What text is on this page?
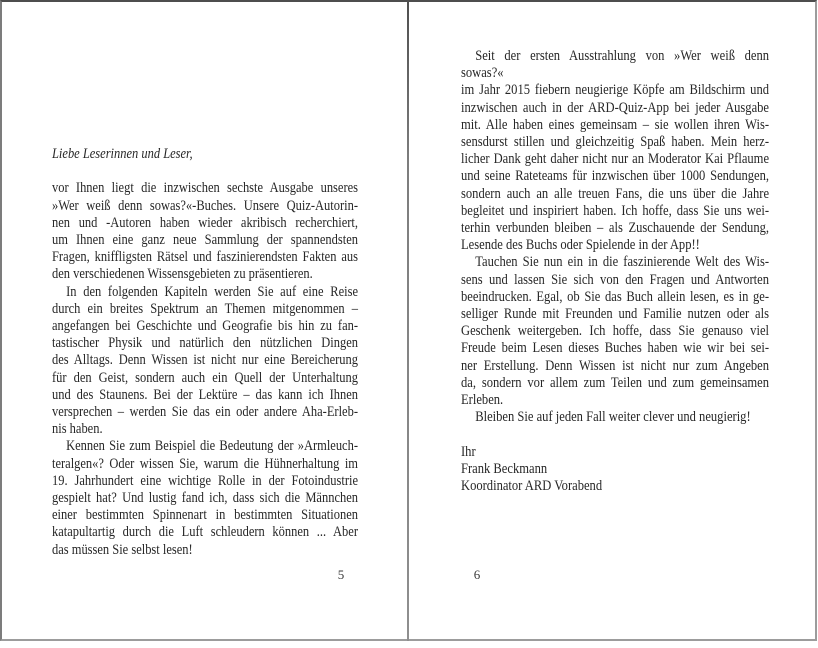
Liebe Leserinnen und Leser,
vor Ihnen liegt die inzwischen sechste Ausgabe unseres
»Wer weiß denn sowas?«-Buches. Unsere Quiz-Autorin-
nen und -Autoren haben wieder akribisch recherchiert,
um Ihnen eine ganz neue Sammlung der spannendsten
Fragen, kniffligsten Rätsel und faszinierendsten Fakten aus
den verschiedenen Wissensgebieten zu präsentieren.
In den folgenden Kapiteln werden Sie auf eine Reise
durch ein breites Spektrum an Themen mitgenommen –
angefangen bei Geschichte und Geografie bis hin zu fan-
tastischer Physik und natürlich den nützlichen Dingen
des Alltags. Denn Wissen ist nicht nur eine Bereicherung
für den Geist, sondern auch ein Quell der Unterhaltung
und des Staunens. Bei der Lektüre – das kann ich Ihnen
versprechen – werden Sie das ein oder andere Aha-Erleb-
nis haben.
Kennen Sie zum Beispiel die Bedeutung der »Armleuch-
teralgen«? Oder wissen Sie, warum die Hühnerhaltung im
19. Jahrhundert eine wichtige Rolle in der Fotoindustrie
gespielt hat? Und lustig fand ich, dass sich die Männchen
einer bestimmten Spinnenart in bestimmten Situationen
katapultartig durch die Luft schleudern können ... Aber
das müssen Sie selbst lesen!
5
Seit der ersten Ausstrahlung von »Wer weiß denn sowas?«
im Jahr 2015 fiebern neugierige Köpfe am Bildschirm und
inzwischen auch in der ARD-Quiz-App bei jeder Ausgabe
mit. Alle haben eines gemeinsam – sie wollen ihren Wis-
sensdurst stillen und gleichzeitig Spaß haben. Mein herz-
licher Dank geht daher nicht nur an Moderator Kai Pflaume
und seine Rateteams für inzwischen über 1000 Sendungen,
sondern auch an alle treuen Fans, die uns über die Jahre
begleitet und inspiriert haben. Ich hoffe, dass Sie uns wei-
terhin verbunden bleiben – als Zuschauende der Sendung,
Lesende des Buchs oder Spielende in der App!!
Tauchen Sie nun ein in die faszinierende Welt des Wis-
sens und lassen Sie sich von den Fragen und Antworten
beeindrucken. Egal, ob Sie das Buch allein lesen, es in ge-
selliger Runde mit Freunden und Familie nutzen oder als
Geschenk weitergeben. Ich hoffe, dass Sie genauso viel
Freude beim Lesen dieses Buches haben wie wir bei sei-
ner Erstellung. Denn Wissen ist nicht nur zum Angeben
da, sondern vor allem zum Teilen und zum gemeinsamen
Erleben.
Bleiben Sie auf jeden Fall weiter clever und neugierig!
Ihr
Frank Beckmann
Koordinator ARD Vorabend
6
